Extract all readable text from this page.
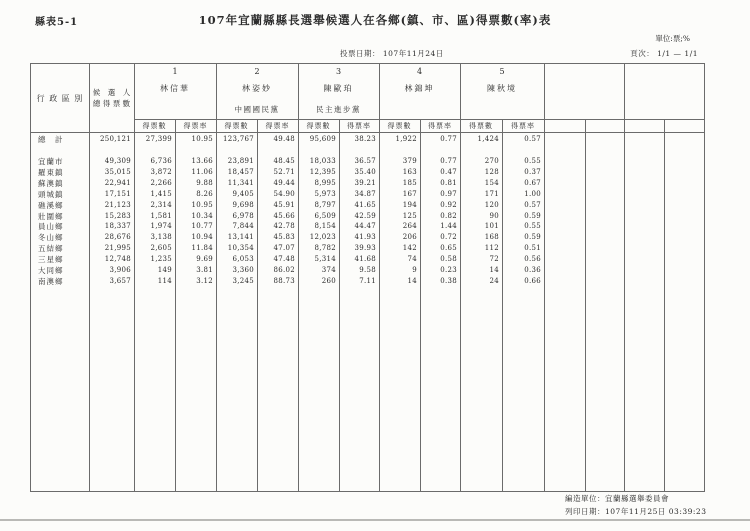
縣表5-1	107年宜蘭縣縣長選舉候選人在各鄉(鎮、市、區)得票數(率)表
單位:票;%
頁次： 1/1 — 1/1
投票日期： 107年11月24日
行 政 區 別
候　選　人
總 得 票 數
1
林信華
2
林姿妙
中國國民黨
3
陳歐珀
民主進步黨
4
林錦坤
5
陳秋境
總　計	250,121	27,399	10.95	123,767	49.48	95,609	38.23	1,922	0.77	1,424	0.57
宜蘭市	49,309	6,736	13.66	23,891	48.45	18,033	36.57	379	0.77	270	0.55
羅東鎮	35,015	3,872	11.06	18,457	52.71	12,395	35.40	163	0.47	128	0.37
蘇澳鎮	22,941	2,266	9.88	11,341	49.44	8,995	39.21	185	0.81	154	0.67
頭城鎮	17,151	1,415	8.26	9,405	54.90	5,973	34.87	167	0.97	171	1.00
礁溪鄉	21,123	2,314	10.95	9,698	45.91	8,797	41.65	194	0.92	120	0.57
壯圍鄉	15,283	1,581	10.34	6,978	45.66	6,509	42.59	125	0.82	90	0.59
員山鄉	18,337	1,974	10.77	7,844	42.78	8,154	44.47	264	1.44	101	0.55
冬山鄉	28,676	3,138	10.94	13,141	45.83	12,023	41.93	206	0.72	168	0.59
五結鄉	21,995	2,605	11.84	10,354	47.07	8,782	39.93	142	0.65	112	0.51
三星鄉	12,748	1,235	9.69	6,053	47.48	5,314	41.68	74	0.58	72	0.56
大同鄉	3,906	149	3.81	3,360	86.02	374	9.58	9	0.23	14	0.36
南澳鄉	3,657	114	3.12	3,245	88.73	260	7.11	14	0.38	24	0.66
得票數	得票率	得票數	得票率	得票數	得票率	得票數	得票率	得票數	得票率
編造單位：宜蘭縣選舉委員會
列印日期：107年11月25日 03:39:23
